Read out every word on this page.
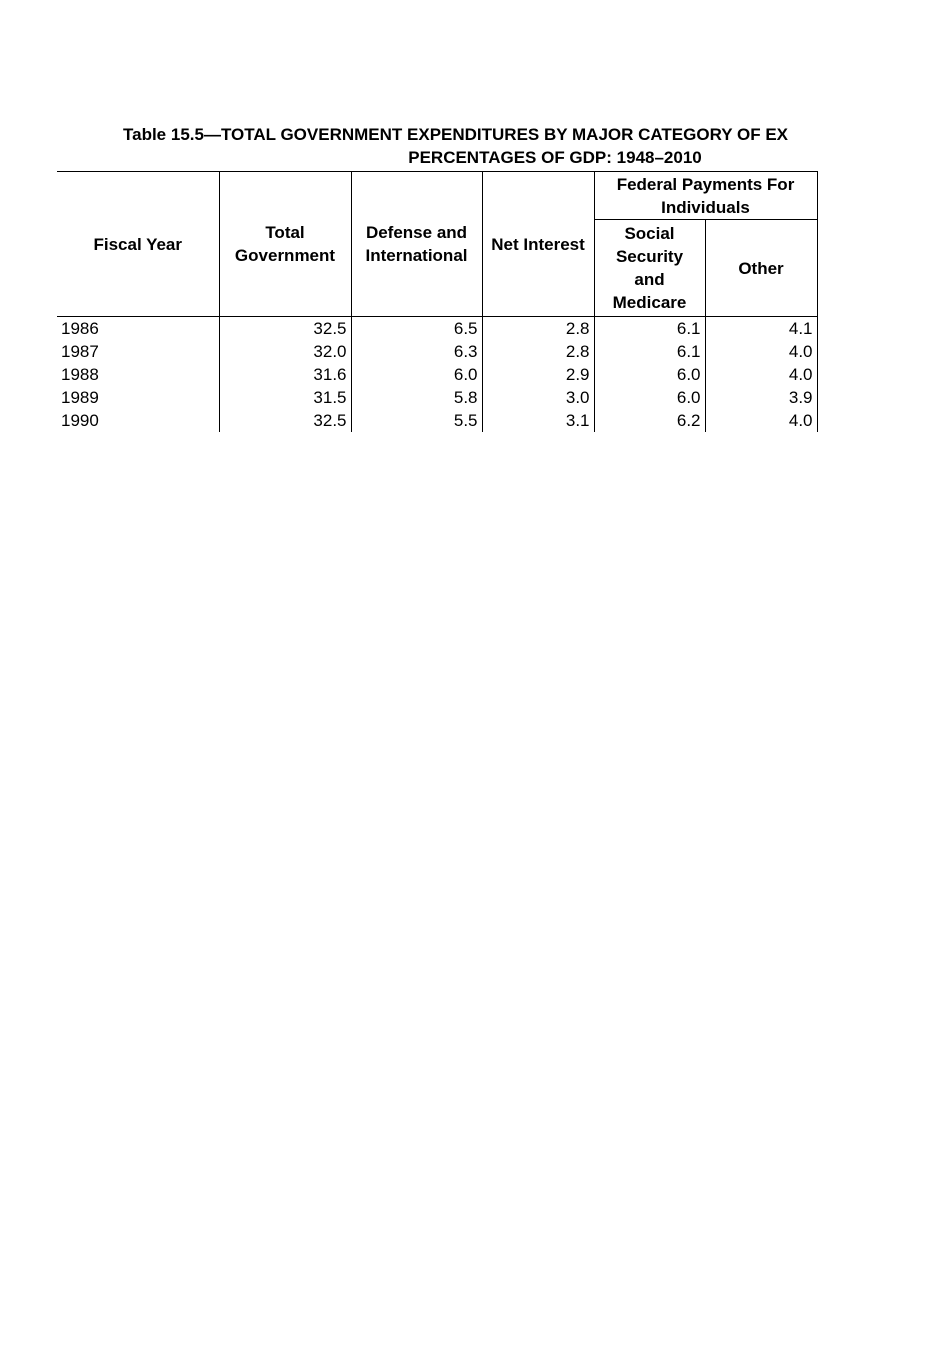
Table 15.5—TOTAL GOVERNMENT EXPENDITURES BY MAJOR CATEGORY OF EX
PERCENTAGES OF GDP: 1948–2010
Fiscal Year	Total Government	Defense and International	Net Interest	Federal Payments For Individuals	
				Social Security and Medicare	Other
1986	32.5	6.5	2.8	6.1	4.1
1987	32.0	6.3	2.8	6.1	4.0
1988	31.6	6.0	2.9	6.0	4.0
1989	31.5	5.8	3.0	6.0	3.9
1990	32.5	5.5	3.1	6.2	4.0
